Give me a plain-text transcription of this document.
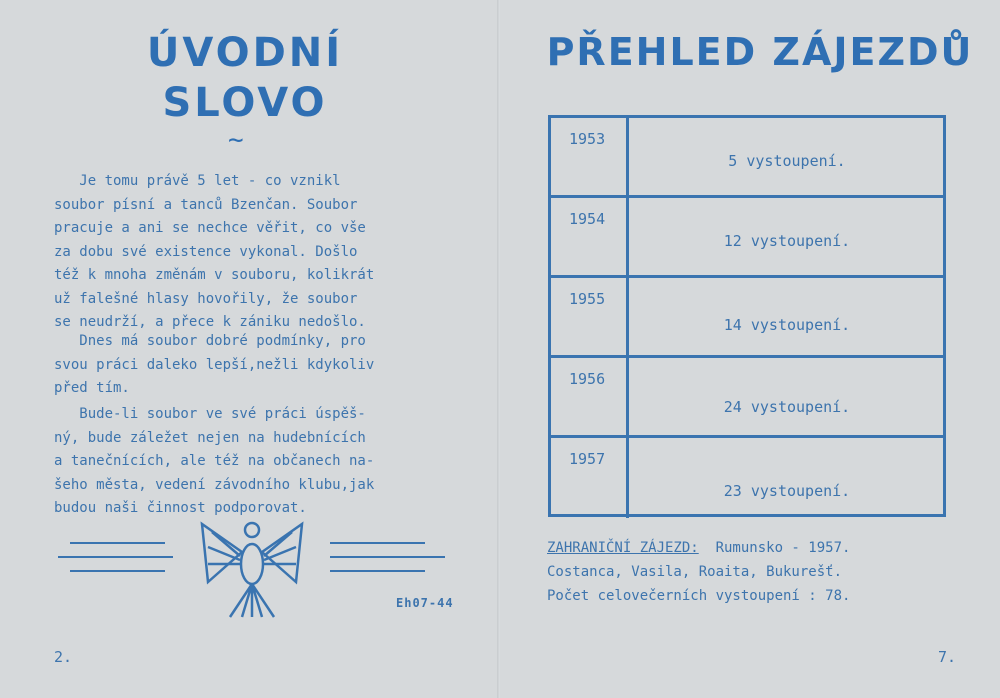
ÚVODNÍ
SLOVO
~

Je tomu právě 5 let - co vznikl
soubor písní a tanců Bzenčan. Soubor
pracuje a ani se nechce věřit, co vše
za dobu své existence vykonal. Došlo
též k mnoha změnám v souboru, kolikrát
už falešné hlasy hovořily, že soubor
se neudrží, a přece k zániku nedošlo.

Dnes má soubor dobré podmínky, pro
svou práci daleko lepší,nežli kdykoliv
před tím.

Bude-li soubor ve své práci úspěš-
ný, bude záležet nejen na hudebnících
a tanečnících, ale též na občanech na-
šeho města, vedení závodního klubu,jak
budou naši činnost podporovat.

Eh07-44
2.
PŘEHLED ZÁJEZDŮ
1953
5 vystoupení.
1954
12 vystoupení.
1955
14 vystoupení.
1956
24 vystoupení.
1957
23 vystoupení.
ZAHRANIČNÍ ZÁJEZD:  Rumunsko - 1957.
Costanca, Vasila, Roaita, Bukurešť.
Počet celovečerních vystoupení : 78.
7.
